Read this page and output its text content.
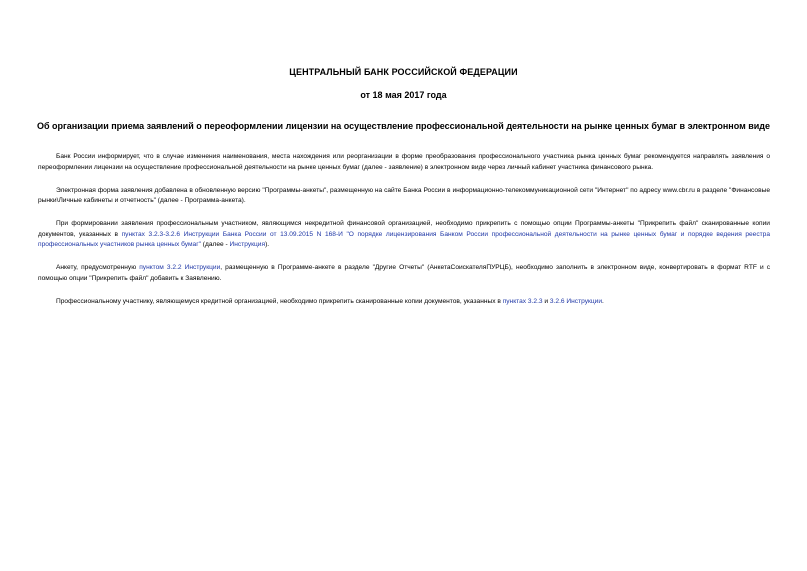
ЦЕНТРАЛЬНЫЙ БАНК РОССИЙСКОЙ ФЕДЕРАЦИИ
от 18 мая 2017 года
Об организации приема заявлений о переоформлении лицензии на осуществление профессиональной деятельности на рынке ценных бумаг в электронном виде

Банк России информирует, что в случае изменения наименования, места нахождения или реорганизации в форме преобразования профессионального участника рынка ценных бумаг рекомендуется направлять заявления о переоформлении лицензии на осуществление профессиональной деятельности на рынке ценных бумаг (далее - заявление) в электронном виде через личный кабинет участника финансового рынка.

Электронная форма заявления добавлена в обновленную версию "Программы-анкеты", размещенную на сайте Банка России в информационно-телекоммуникационной сети "Интернет" по адресу www.cbr.ru в разделе "Финансовые рынки\Личные кабинеты и отчетность" (далее - Программа-анкета).

При формировании заявления профессиональным участником, являющимся некредитной финансовой организацией, необходимо прикрепить с помощью опции Программы-анкеты "Прикрепить файл" сканированные копии документов, указанных в пунктах 3.2.3-3.2.6 Инструкции Банка России от 13.09.2015 N 168-И "О порядке лицензирования Банком России профессиональной деятельности на рынке ценных бумаг и порядке ведения реестра профессиональных участников рынка ценных бумаг" (далее - Инструкция).

Анкету, предусмотренную пунктом 3.2.2 Инструкции, размещенную в Программе-анкете в разделе "Другие Отчеты" (АнкетаСоискателяПУРЦБ), необходимо заполнить в электронном виде, конвертировать в формат RTF и с помощью опции "Прикрепить файл" добавить к Заявлению.

Профессиональному участнику, являющемуся кредитной организацией, необходимо прикрепить сканированные копии документов, указанных в пунктах 3.2.3 и 3.2.6 Инструкции.
